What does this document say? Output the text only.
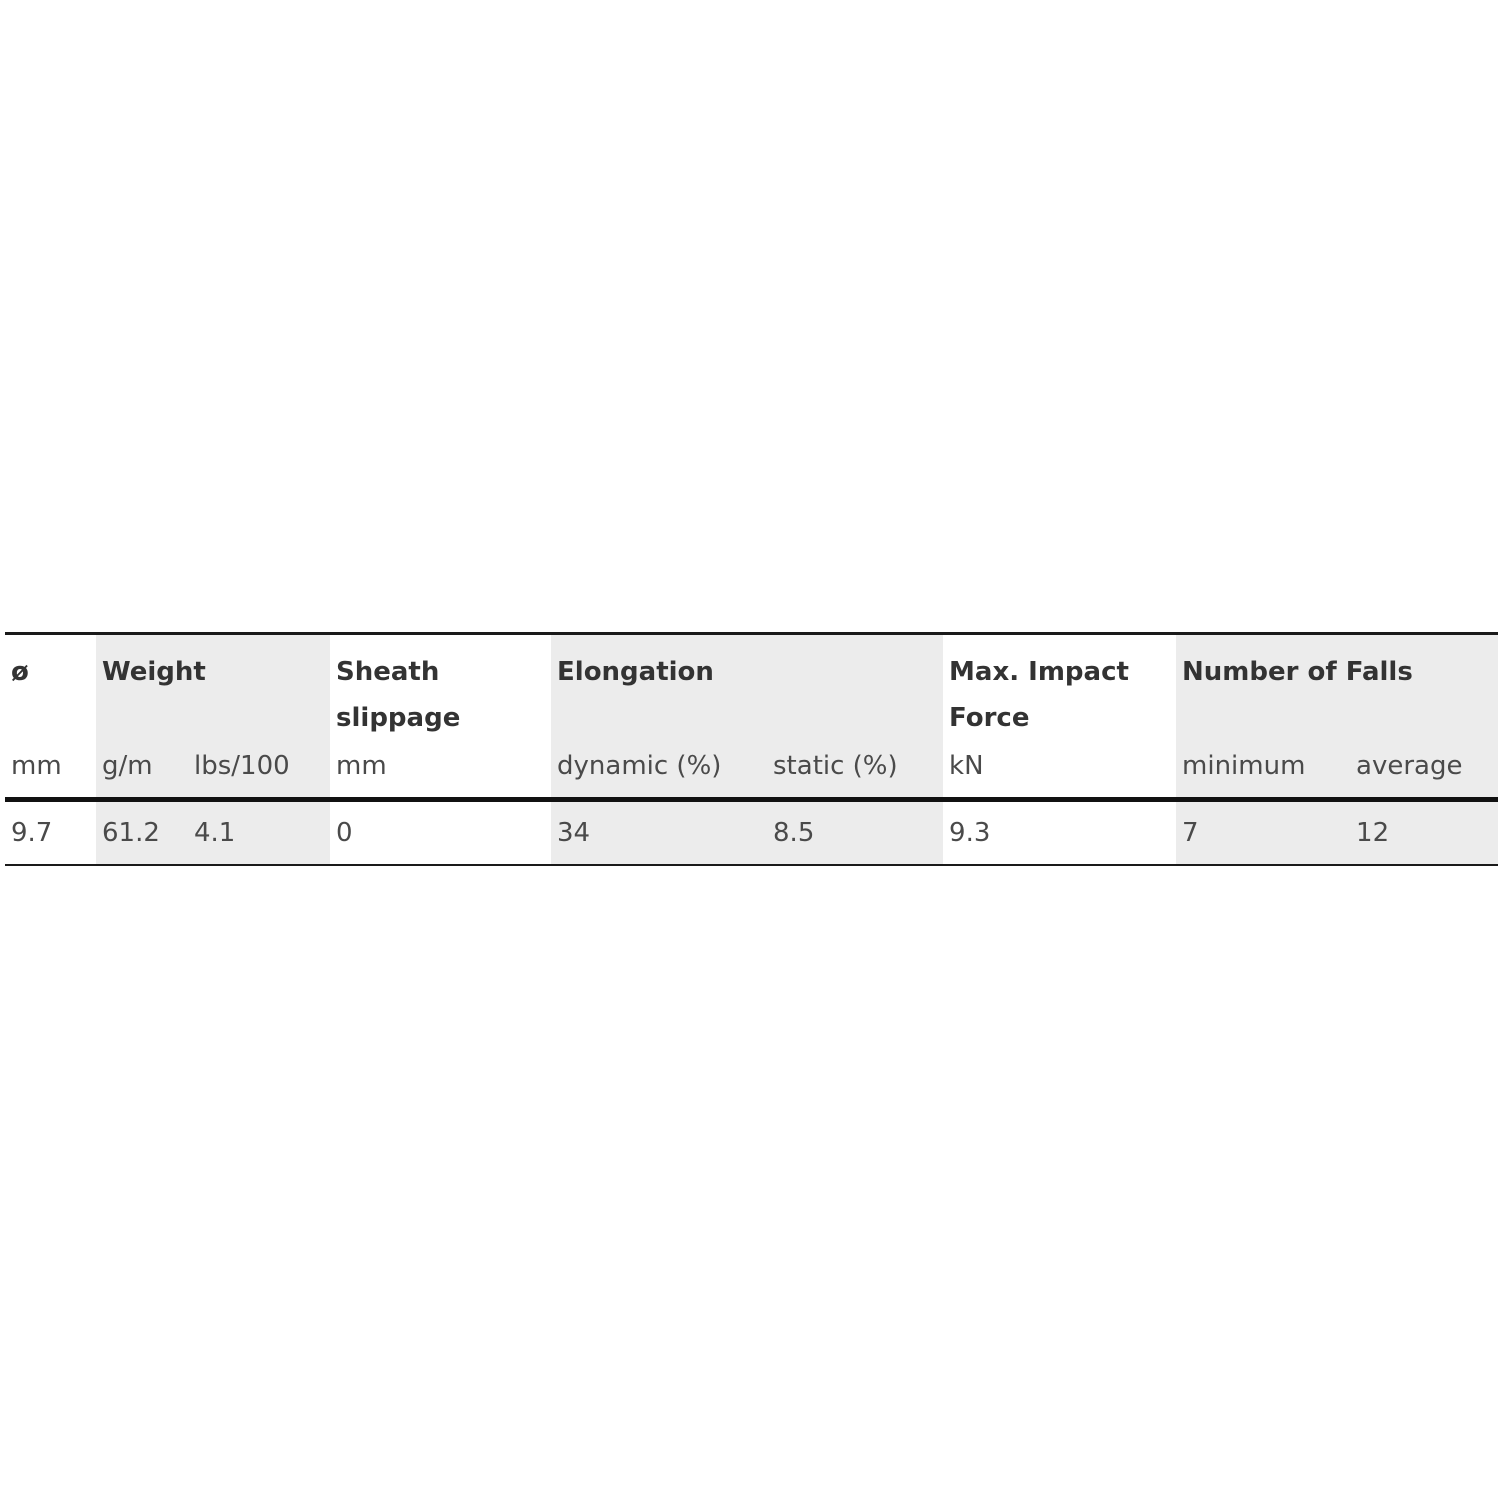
ø	Weight		Sheath slippage	Elongation		Max. Impact Force	Number of Falls	
mm	g/m	lbs/100	mm	dynamic (%)	static (%)	kN	minimum	average
9.7	61.2	4.1	0	34	8.5	9.3	7	12
